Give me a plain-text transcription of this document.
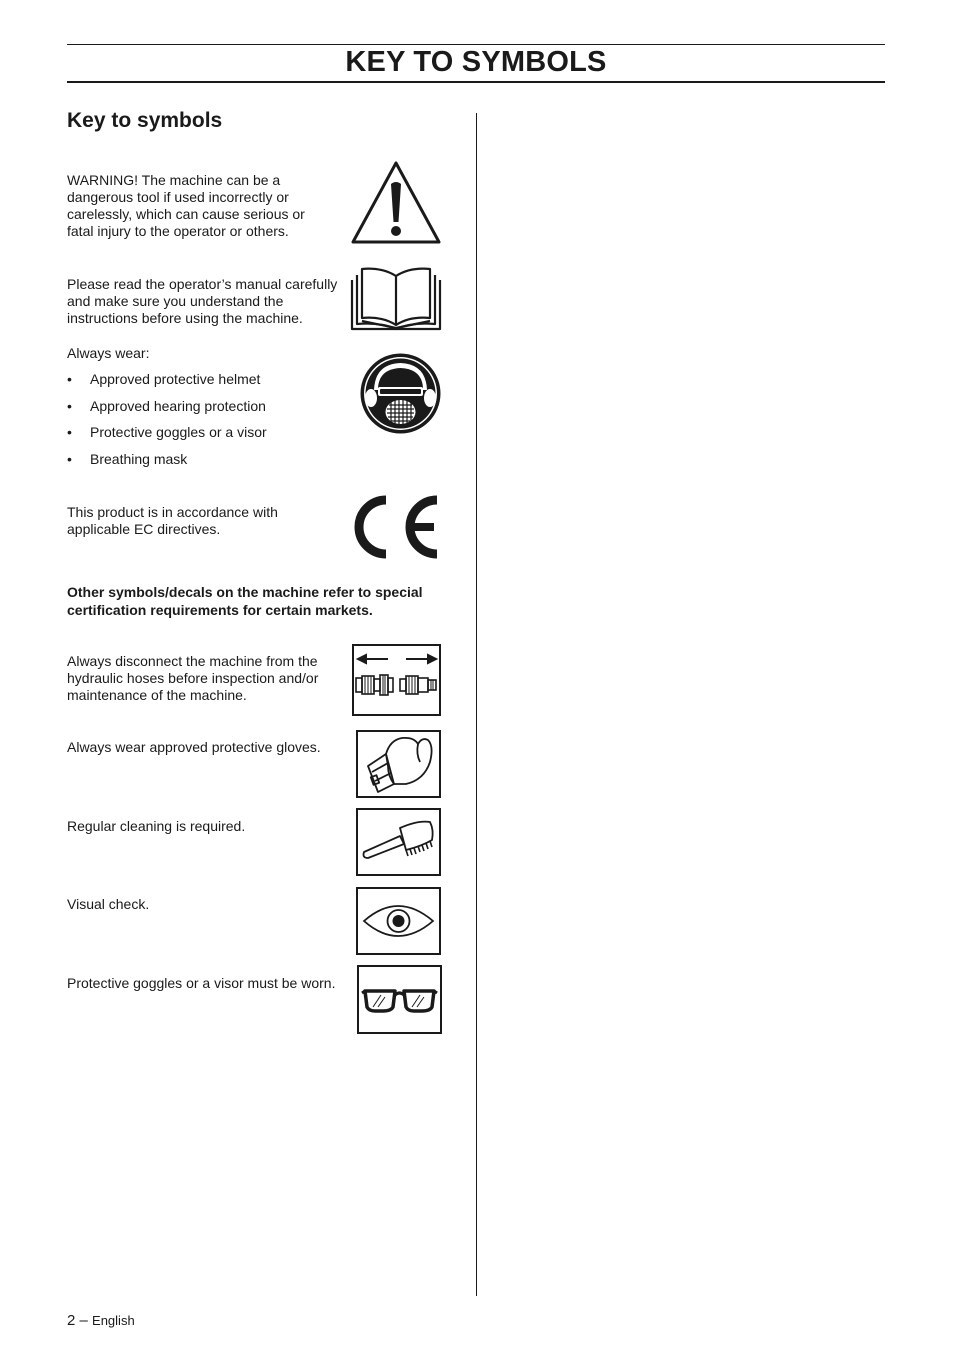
KEY TO SYMBOLS
Key to symbols
WARNING! The machine can be a dangerous tool if used incorrectly or carelessly, which can cause serious or fatal injury to the operator or others.
Please read the operator’s manual carefully and make sure you understand the instructions before using the machine.
Always wear:
• Approved protective helmet
• Approved hearing protection
• Protective goggles or a visor
• Breathing mask
This product is in accordance with applicable EC directives.
Other symbols/decals on the machine refer to special certification requirements for certain markets.
Always disconnect the machine from the hydraulic hoses before inspection and/or maintenance of the machine.
Always wear approved protective gloves.
Regular cleaning is required.
Visual check.
Protective goggles or a visor must be worn.
2 – English
